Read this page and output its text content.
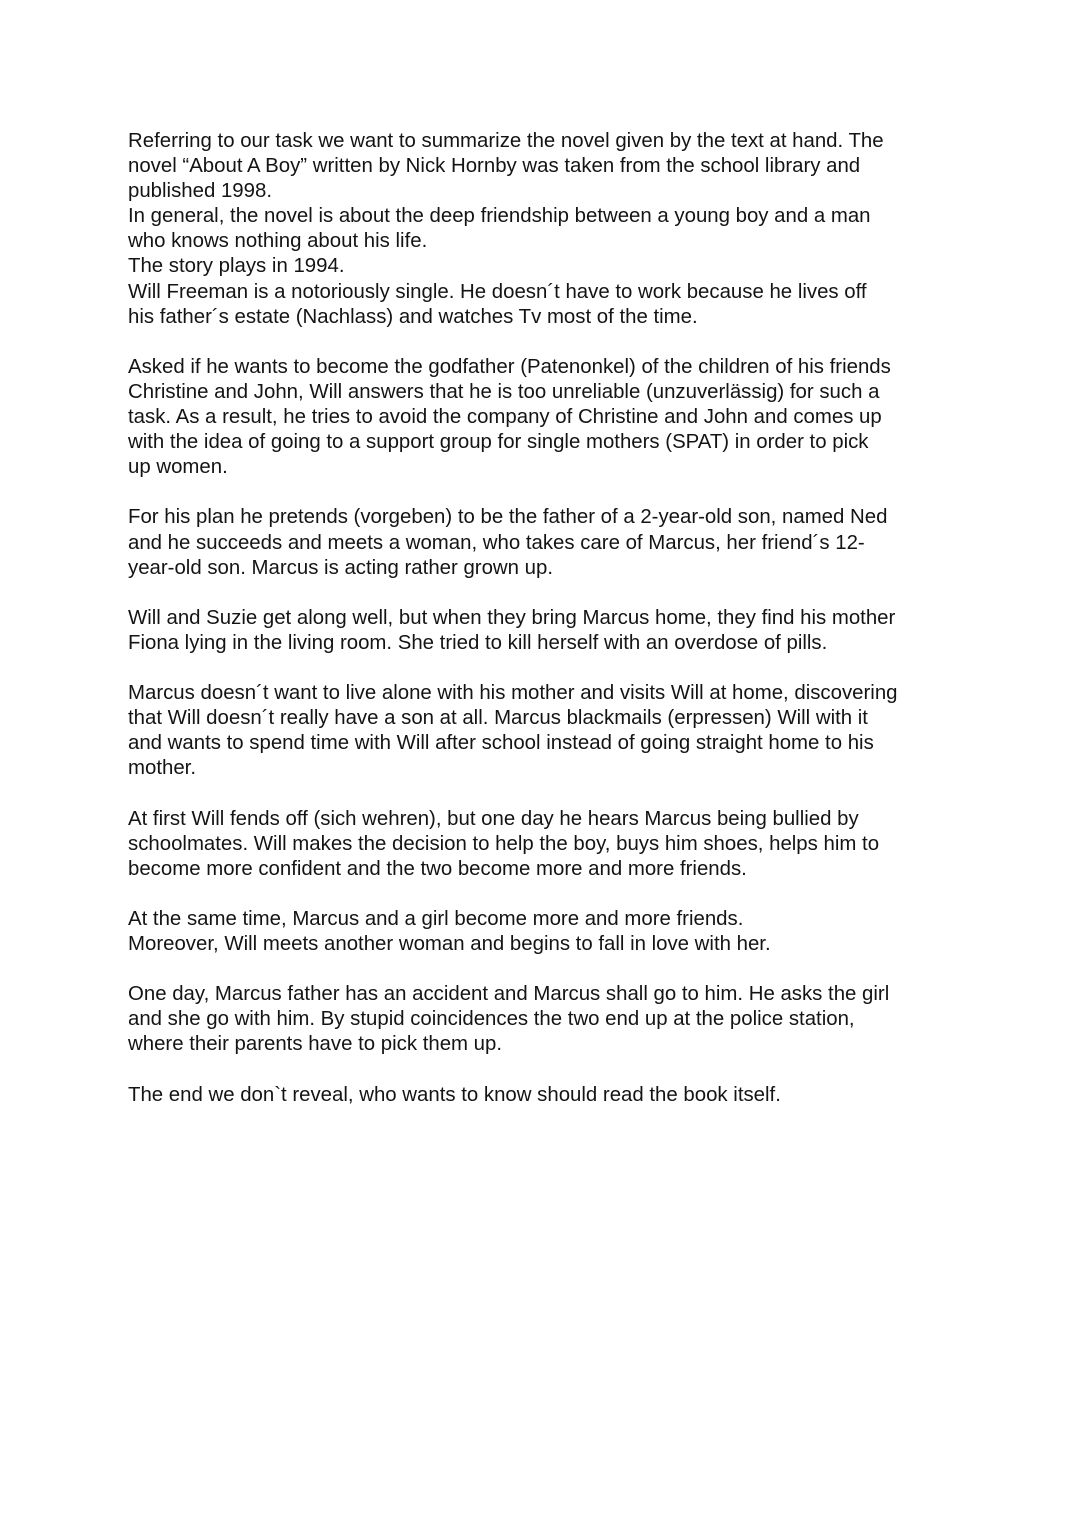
Referring to our task we want to summarize the novel given by the text at hand. The
novel “About A Boy” written by Nick Hornby was taken from the school library and
published 1998.
In general, the novel is about the deep friendship between a young boy and a man
who knows nothing about his life.
The story plays in 1994.
Will Freeman is a notoriously single. He doesn´t have to work because he lives off
his father´s estate (Nachlass) and watches Tv most of the time.

Asked if he wants to become the godfather (Patenonkel) of the children of his friends
Christine and John, Will answers that he is too unreliable (unzuverlässig) for such a
task. As a result, he tries to avoid the company of Christine and John and comes up
with the idea of going to a support group for single mothers (SPAT) in order to pick
up women.

For his plan he pretends (vorgeben) to be the father of a 2-year-old son, named Ned
and he succeeds and meets a woman, who takes care of Marcus, her friend´s 12-
year-old son. Marcus is acting rather grown up.

Will and Suzie get along well, but when they bring Marcus home, they find his mother
Fiona lying in the living room. She tried to kill herself with an overdose of pills.

Marcus doesn´t want to live alone with his mother and visits Will at home, discovering
that Will doesn´t really have a son at all. Marcus blackmails (erpressen) Will with it
and wants to spend time with Will after school instead of going straight home to his
mother.

At first Will fends off (sich wehren), but one day he hears Marcus being bullied by
schoolmates. Will makes the decision to help the boy, buys him shoes, helps him to
become more confident and the two become more and more friends.

At the same time, Marcus and a girl become more and more friends.
Moreover, Will meets another woman and begins to fall in love with her.

One day, Marcus father has an accident and Marcus shall go to him. He asks the girl
and she go with him. By stupid coincidences the two end up at the police station,
where their parents have to pick them up.

The end we don`t reveal, who wants to know should read the book itself.
